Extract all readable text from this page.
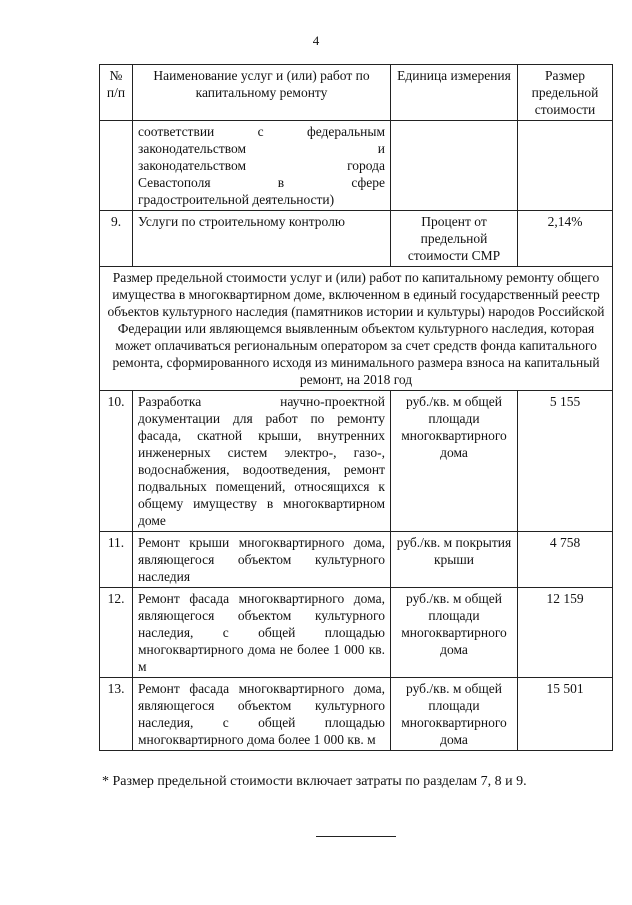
4
№
п/п	Наименование услуг и (или) работ по капитальному ремонту	Единица измерения	Размер предельной стоимости

	соответствии с федеральным
законодательством и
законодательством города
Севастополя в сфере
градостроительной деятельности)		

9.	Услуги по строительному контролю	Процент от предельной стоимости СМР	2,14%
Размер предельной стоимости услуг и (или) работ по капитальному ремонту общего имущества в многоквартирном доме, включенном в единый государственный реестр объектов культурного наследия (памятников истории и культуры) народов Российской Федерации или являющемся выявленным объектом культурного наследия, которая может оплачиваться региональным оператором за счет средств фонда капитального ремонта, сформированного исходя из минимального размера взноса на капитальный ремонт, на 2018 год			
10.	Разработка научно-проектной документации для работ по ремонту фасада, скатной крыши, внутренних инженерных систем электро-, газо-, водоснабжения, водоотведения, ремонт подвальных помещений, относящихся к общему имуществу в многоквартирном доме	руб./кв. м общей площади многоквартирного дома	5 155
11.	Ремонт крыши многоквартирного дома, являющегося объектом культурного наследия	руб./кв. м покрытия крыши	4 758
12.	Ремонт фасада многоквартирного дома, являющегося объектом культурного наследия, с общей площадью многоквартирного дома не более 1 000 кв. м	руб./кв. м общей площади многоквартирного дома	12 159
13.	Ремонт фасада многоквартирного дома, являющегося объектом культурного наследия, с общей площадью многоквартирного дома более 1 000 кв. м	руб./кв. м общей площади многоквартирного дома	15 501
* Размер предельной стоимости включает затраты по разделам 7, 8 и 9.
